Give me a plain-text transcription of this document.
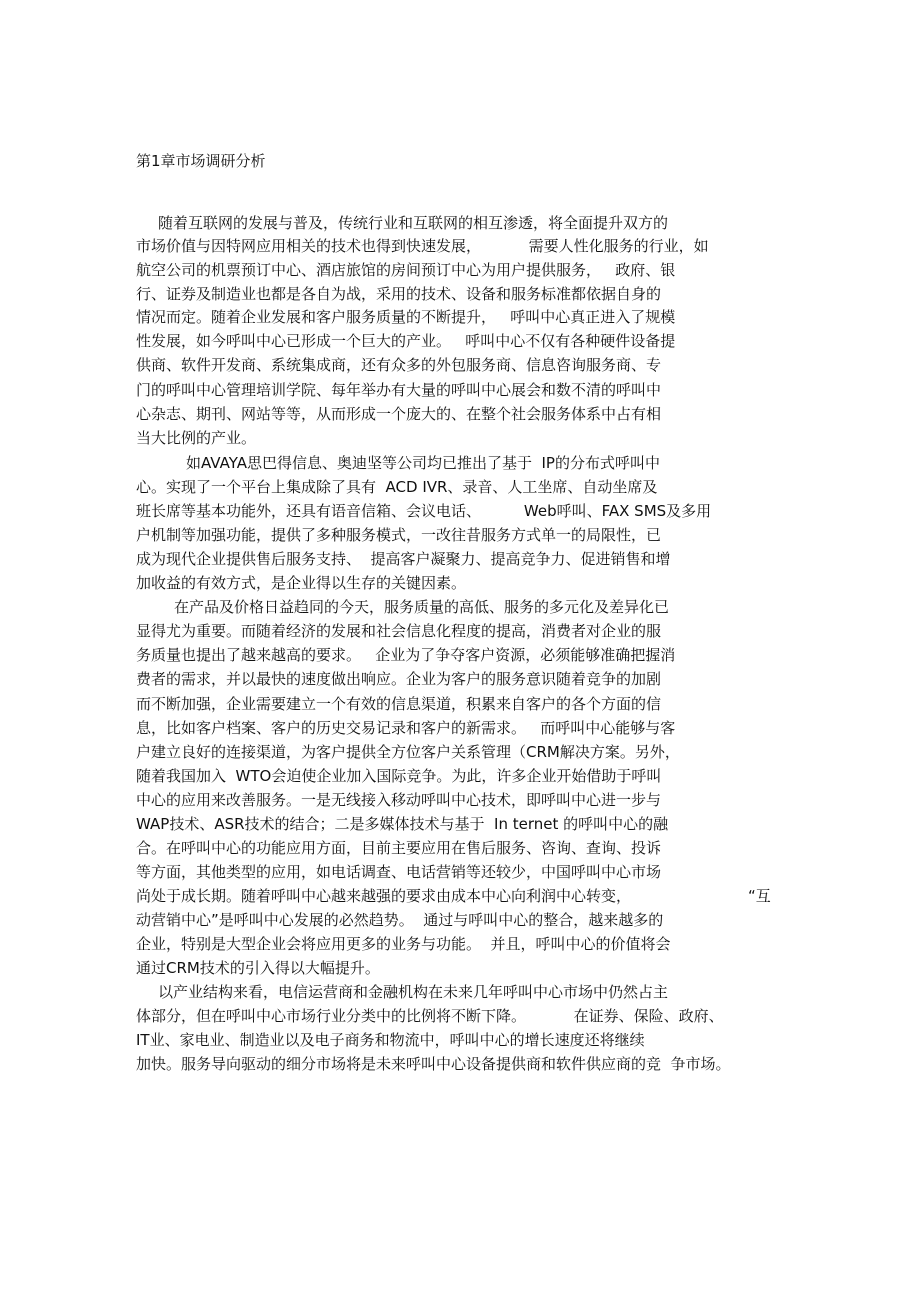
第1章市场调研分析
随着互联网的发展与普及，传统行业和互联网的相互渗透，将全面提升双方的
市场价值与因特网应用相关的技术也得到快速发展，          需要人性化服务的行业，如
航空公司的机票预订中心、酒店旅馆的房间预订中心为用户提供服务，   政府、银
行、证券及制造业也都是各自为战，采用的技术、设备和服务标准都依据自身的
情况而定。随着企业发展和客户服务质量的不断提升，   呼叫中心真正进入了规模
性发展，如今呼叫中心已形成一个巨大的产业。   呼叫中心不仅有各种硬件设备提
供商、软件开发商、系统集成商，还有众多的外包服务商、信息咨询服务商、专
门的呼叫中心管理培训学院、每年举办有大量的呼叫中心展会和数不清的呼叫中
心杂志、期刊、网站等等，从而形成一个庞大的、在整个社会服务体系中占有相
当大比例的产业。
如AVAYA思巴得信息、奥迪坚等公司均已推出了基于  IP的分布式呼叫中
心。实现了一个平台上集成除了具有  ACD IVR、录音、人工坐席、自动坐席及
班长席等基本功能外，还具有语音信箱、会议电话、         Web呼叫、FAX SMS及多用
户机制等加强功能，提供了多种服务模式，一改往昔服务方式单一的局限性，已
成为现代企业提供售后服务支持、  提高客户凝聚力、提高竞争力、促进销售和增
加收益的有效方式，是企业得以生存的关键因素。
在产品及价格日益趋同的今天，服务质量的高低、服务的多元化及差异化已
显得尤为重要。而随着经济的发展和社会信息化程度的提高，消费者对企业的服
务质量也提出了越来越高的要求。   企业为了争夺客户资源，必须能够准确把握消
费者的需求，并以最快的速度做出响应。企业为客户的服务意识随着竞争的加剧
而不断加强，企业需要建立一个有效的信息渠道，积累来自客户的各个方面的信
息，比如客户档案、客户的历史交易记录和客户的新需求。   而呼叫中心能够与客
户建立良好的连接渠道，为客户提供全方位客户关系管理（CRM解决方案。另外，
随着我国加入  WTO会迫使企业加入国际竞争。为此，许多企业开始借助于呼叫
中心的应用来改善服务。一是无线接入移动呼叫中心技术，即呼叫中心进一步与
WAP技术、ASR技术的结合；二是多媒体技术与基于  In ternet 的呼叫中心的融
合。在呼叫中心的功能应用方面，目前主要应用在售后服务、咨询、查询、投诉
等方面，其他类型的应用，如电话调查、电话营销等还较少，中国呼叫中心市场
尚处于成长期。随着呼叫中心越来越强的要求由成本中心向利润中心转变，	“互
动营销中心”是呼叫中心发展的必然趋势。  通过与呼叫中心的整合，越来越多的
企业，特别是大型企业会将应用更多的业务与功能。  并且，呼叫中心的价值将会
通过CRM技术的引入得以大幅提升。
以产业结构来看，电信运营商和金融机构在未来几年呼叫中心市场中仍然占主
体部分，但在呼叫中心市场行业分类中的比例将不断下降。          在证券、保险、政府、
IT业、家电业、制造业以及电子商务和物流中，呼叫中心的增长速度还将继续
加快。服务导向驱动的细分市场将是未来呼叫中心设备提供商和软件供应商的竞  争市场。
